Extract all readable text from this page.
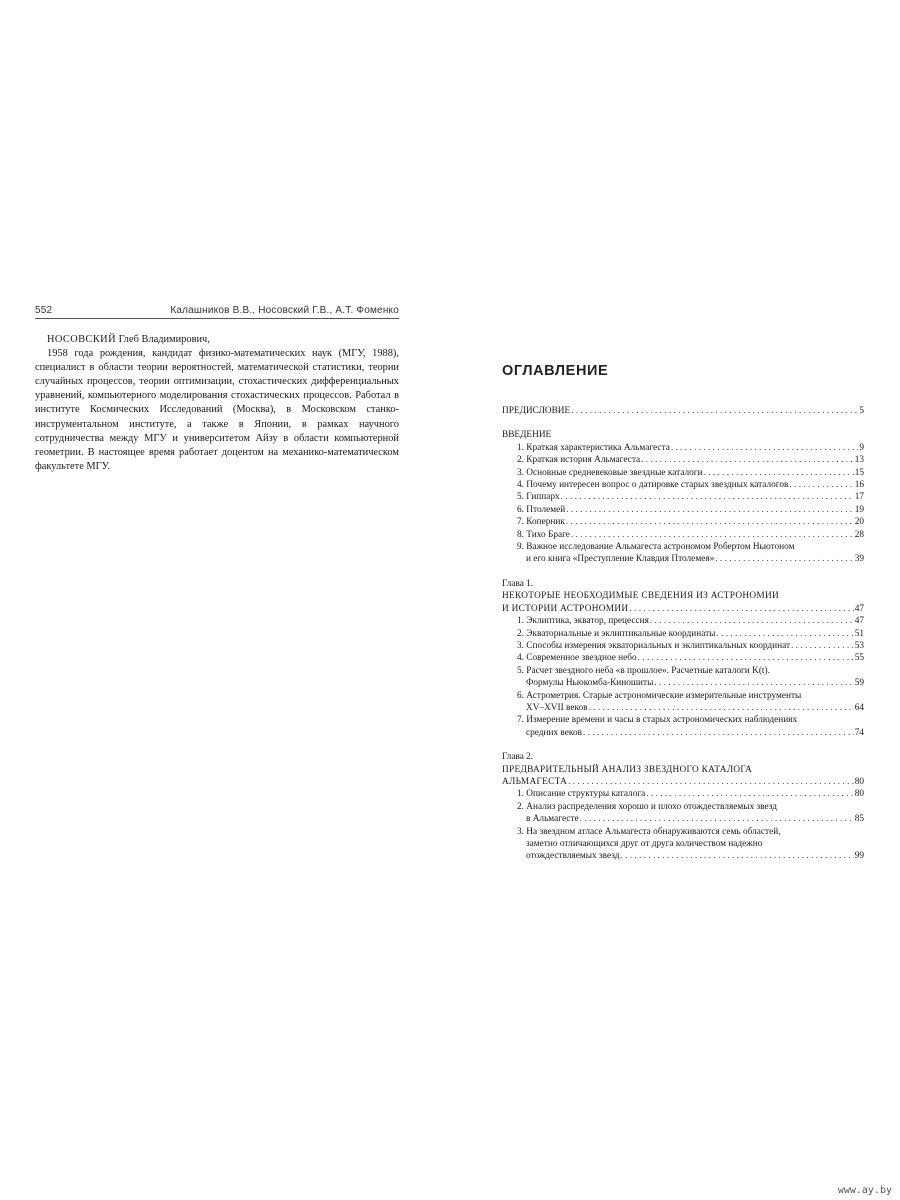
552	Калашников В.В., Носовский Г.В., А.Т. Фоменко

НОСОВСКИЙ Глеб Владимирович,

1958 года рождения, кандидат физико-математических наук (МГУ, 1988), специалист в области теории вероятностей, математической статистики, теории случайных процессов, теории оптимизации, стохастических дифференциальных уравнений, компьютерного моделирования стохастических процессов. Работал в институте Космических Исследований (Москва), в Московском станко-инструментальном институте, а также в Японии, в рамках научного сотрудничества между МГУ и университетом Айзу в области компьютерной геометрии. В настоящее время работает доцентом на механико-математическом факультете МГУ.

ОГЛАВЛЕНИЕ
ПРЕДИСЛОВИЕ . . .	5
ВВЕДЕНИЕ
1. Краткая характеристика Альмагеста . . .	9
2. Краткая история Альмагеста . . .	13
3. Основные средневековые звездные каталоги . . .	15
4. Почему интересен вопрос о датировке старых звездных каталогов . . .	16
5. Гиппарх . . .	17
6. Птолемей . . .	19
7. Коперник . . .	20
8. Тихо Браге . . .	28
9. Важное исследование Альмагеста астрономом Робертом Ньютоном
и его книга «Преступление Клавдия Птолемея» . . .	39
Глава 1.
НЕКОТОРЫЕ НЕОБХОДИМЫЕ СВЕДЕНИЯ ИЗ АСТРОНОМИИ
И ИСТОРИИ АСТРОНОМИИ . . .	47
1. Эклиптика, экватор, прецессия . . .	47
2. Экваториальные и эклиптикальные координаты . . .	51
3. Способы измерения экваториальных и эклиптикальных координат . . .	53
4. Современное звездное небо . . .	55
5. Расчет звездного неба «в прошлое». Расчетные каталоги K(t).
Формулы Ньюкомба-Киношиты . . .	59
6. Астрометрия. Старые астрономические измерительные инструменты
XV–XVII веков . . .	64
7. Измерение времени и часы в старых астрономических наблюдениях
средних веков . . .	74
Глава 2.
ПРЕДВАРИТЕЛЬНЫЙ АНАЛИЗ ЗВЕЗДНОГО КАТАЛОГА
АЛЬМАГЕСТА . . .	80
1. Описание структуры каталога . . .	80
2. Анализ распределения хорошо и плохо отождествляемых звезд
в Альмагесте . . .	85
3. На звездном атласе Альмагеста обнаруживаются семь областей,
заметно отличающихся друг от друга количеством надежно
отождествляемых звезд . . .	99
www.ay.by
